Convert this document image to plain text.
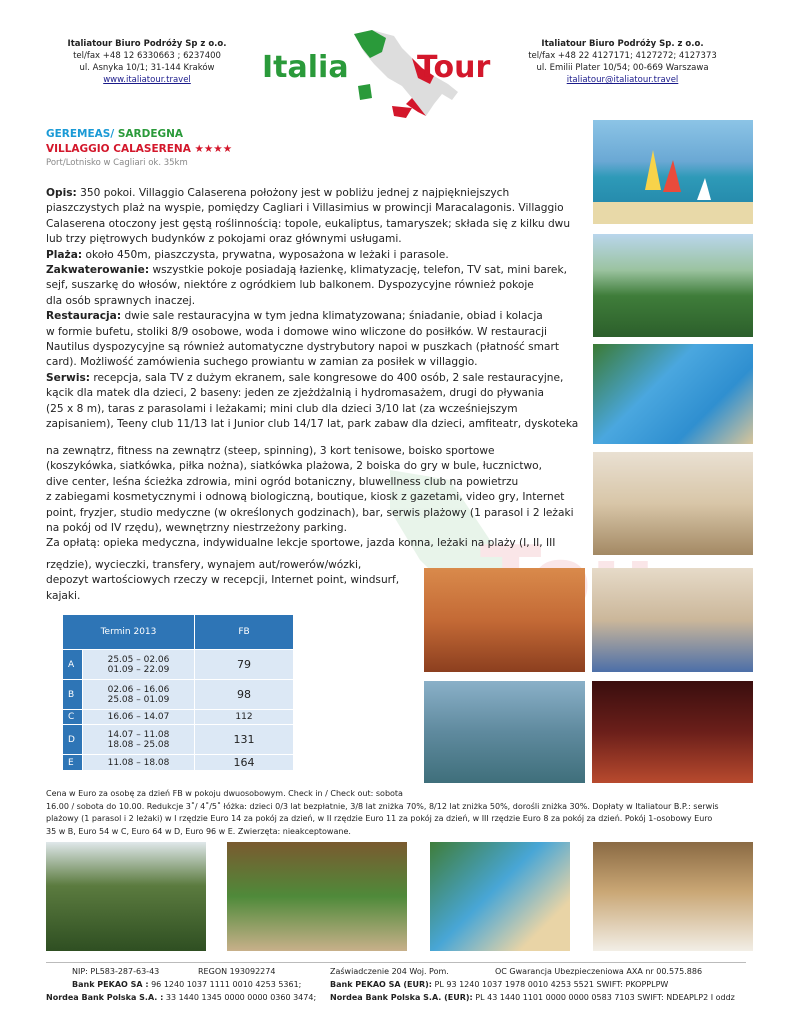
Italiatour Biuro Podróży Sp z o.o.
tel/fax +48 12 6330663 ; 6237400
ul. Asnyka 10/1; 31-144 Kraków
www.italiatour.travel	Italia Tour
Italiatour Biuro Podróży Sp. z o.o.
tel/fax +48 22 4127171; 4127272; 4127373
ul. Emilii Plater 10/54; 00-669 Warszawa
italiatour@italiatour.travel
GEREMEAS/ SARDEGNA
VILLAGGIO CALASERENA ★★★★
Port/Lotnisko w Cagliari ok. 35km
Opis: 350 pokoi. Villaggio Calaserena położony jest w pobliżu jednej z najpiękniejszych
piaszczystych plaż na wyspie, pomiędzy Cagliari i Villasimius w prowincji Maracalagonis. Villaggio
Calaserena otoczony jest gęstą roślinnością: topole, eukaliptus, tamaryszek; składa się z kilku dwu
lub trzy piętrowych budynków z pokojami oraz głównymi usługami.
Plaża: około 450m, piaszczysta, prywatna, wyposażona w leżaki i parasole.
Zakwaterowanie: wszystkie pokoje posiadają łazienkę, klimatyzację, telefon, TV sat, mini barek,
sejf, suszarkę do włosów, niektóre z ogródkiem lub balkonem. Dyspozycyjne również pokoje
dla osób sprawnych inaczej.
Restauracja: dwie sale restauracyjna w tym jedna klimatyzowana; śniadanie, obiad i kolacja
w formie bufetu, stoliki 8/9 osobowe, woda i domowe wino wliczone do posiłków. W restauracji
Nautilus dyspozycyjne są również automatyczne dystrybutory napoi w puszkach (płatność smart
card). Możliwość zamówienia suchego prowiantu w zamian za posiłek w villaggio.
Serwis: recepcja, sala TV z dużym ekranem, sale kongresowe do 400 osób, 2 sale restauracyjne,
kącik dla matek dla dzieci, 2 baseny: jeden ze zjeżdżalnią i hydromasażem, drugi do pływania
(25 x 8 m), taras z parasolami i leżakami; mini club dla dzieci 3/10 lat (za wcześniejszym
zapisaniem), Teeny club 11/13 lat i Junior club 14/17 lat, park zabaw dla dzieci, amfiteatr, dyskoteka
na zewnątrz, fitness na zewnątrz (steep, spinning), 3 kort tenisowe, boisko sportowe
(koszykówka, siatkówka, piłka nożna), siatkówka plażowa, 2 boiska do gry w bule, łucznictwo,
dive center, leśna ścieżka zdrowia, mini ogród botaniczny, bluwellness club na powietrzu
z zabiegami kosmetycznymi i odnową biologiczną, boutique, kiosk z gazetami, video gry, Internet
point, fryzjer, studio medyczne (w określonych godzinach), bar, serwis plażowy (1 parasol i 2 leżaki
na pokój od IV rzędu), wewnętrzny niestrzeżony parking.
Za opłatą: opieka medyczna, indywidualne lekcje sportowe, jazda konna, leżaki na plaży (I, II, III
rzędzie), wycieczki, transfery, wynajem aut/rowerów/wózki,
depozyt wartościowych rzeczy w recepcji, Internet point, windsurf,
kajaki.
Termin 2013		FB
A	25.05 – 02.06
01.09 – 22.09	79
B	02.06 – 16.06
25.08 – 01.09	98
C	16.06 – 14.07	112
D	14.07 – 11.08
18.08 – 25.08	131
E	11.08 – 18.08	164
Cena w Euro za osobę za dzień FB w pokoju dwuosobowym. Check in / Check out: sobota
16.00 / sobota do 10.00. Redukcje 3˚/ 4˚/5˚ łóżka: dzieci 0/3 lat bezpłatnie, 3/8 lat zniżka 70%, 8/12 lat zniżka 50%, dorośli zniżka 30%. Dopłaty w Italiatour B.P.: serwis
plażowy (1 parasol i 2 leżaki) w I rzędzie Euro 14 za pokój za dzień, w II rzędzie Euro 11 za pokój za dzień, w III rzędzie Euro 8 za pokój za dzień. Pokój 1-osobowy Euro
35 w B, Euro 54 w C, Euro 64 w D, Euro 96 w E. Zwierzęta: nieakceptowane.
NIP: PL583-287-63-43	REGON 193092274	Zaświadczenie 204 Woj. Pom.	OC Gwarancja Ubezpieczeniowa AXA nr 00.575.886
Bank PEKAO SA : 96 1240 1037 1111 0010 4253 5361;	Bank PEKAO SA (EUR): PL 93 1240 1037 1978 0010 4253 5521 SWIFT: PKOPPLPW
Nordea Bank Polska S.A. : 33 1440 1345 0000 0000 0360 3474; Nordea Bank Polska S.A. (EUR): PL 43 1440 1101 0000 0000 0583 7103 SWIFT: NDEAPLP2 I oddz
